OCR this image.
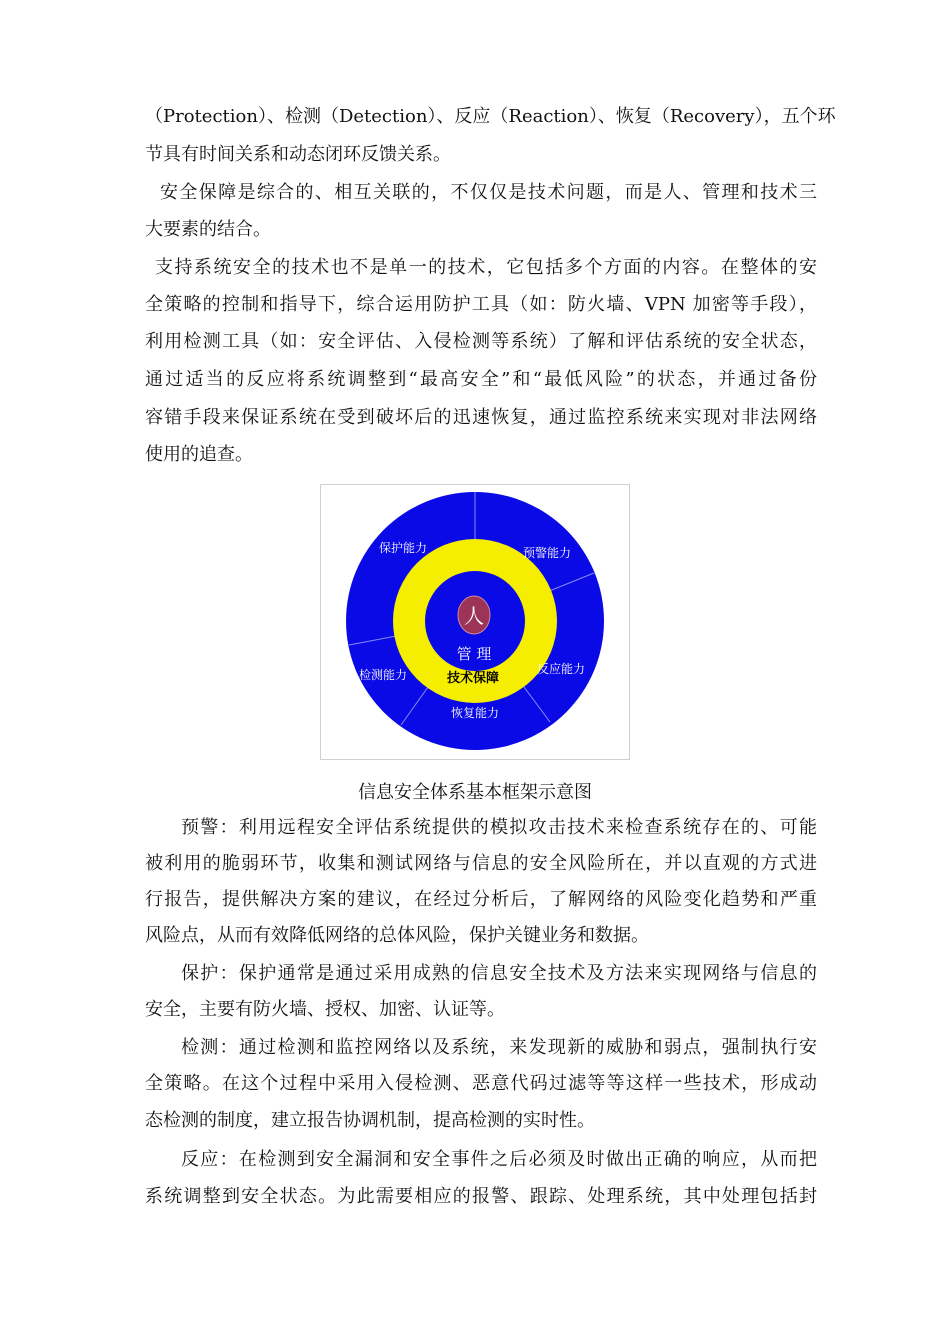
（Protection）、检测（Detection）、反应（Reaction）、恢复（Recovery），五个环
节具有时间关系和动态闭环反馈关系。
安全保障是综合的、相互关联的，不仅仅是技术问题，而是人、管理和技术三
大要素的结合。
支持系统安全的技术也不是单一的技术，它包括多个方面的内容。在整体的安
全策略的控制和指导下，综合运用防护工具（如：防火墙、VPN 加密等手段），
利用检测工具（如：安全评估、入侵检测等系统）了解和评估系统的安全状态，
通过适当的反应将系统调整到“最高安全”和“最低风险”的状态，并通过备份
容错手段来保证系统在受到破坏后的迅速恢复，通过监控系统来实现对非法网络
使用的追查。
保护能力	预警能力
反应能力
恢复能力
检测能力	技术保障
管 理
人
信息安全体系基本框架示意图
预警：利用远程安全评估系统提供的模拟攻击技术来检查系统存在的、可能
被利用的脆弱环节，收集和测试网络与信息的安全风险所在，并以直观的方式进
行报告，提供解决方案的建议，在经过分析后，了解网络的风险变化趋势和严重
风险点，从而有效降低网络的总体风险，保护关键业务和数据。
保护：保护通常是通过采用成熟的信息安全技术及方法来实现网络与信息的
安全，主要有防火墙、授权、加密、认证等。
检测：通过检测和监控网络以及系统，来发现新的威胁和弱点，强制执行安
全策略。在这个过程中采用入侵检测、恶意代码过滤等等这样一些技术，形成动
态检测的制度，建立报告协调机制，提高检测的实时性。
反应：在检测到安全漏洞和安全事件之后必须及时做出正确的响应，从而把
系统调整到安全状态。为此需要相应的报警、跟踪、处理系统，其中处理包括封
